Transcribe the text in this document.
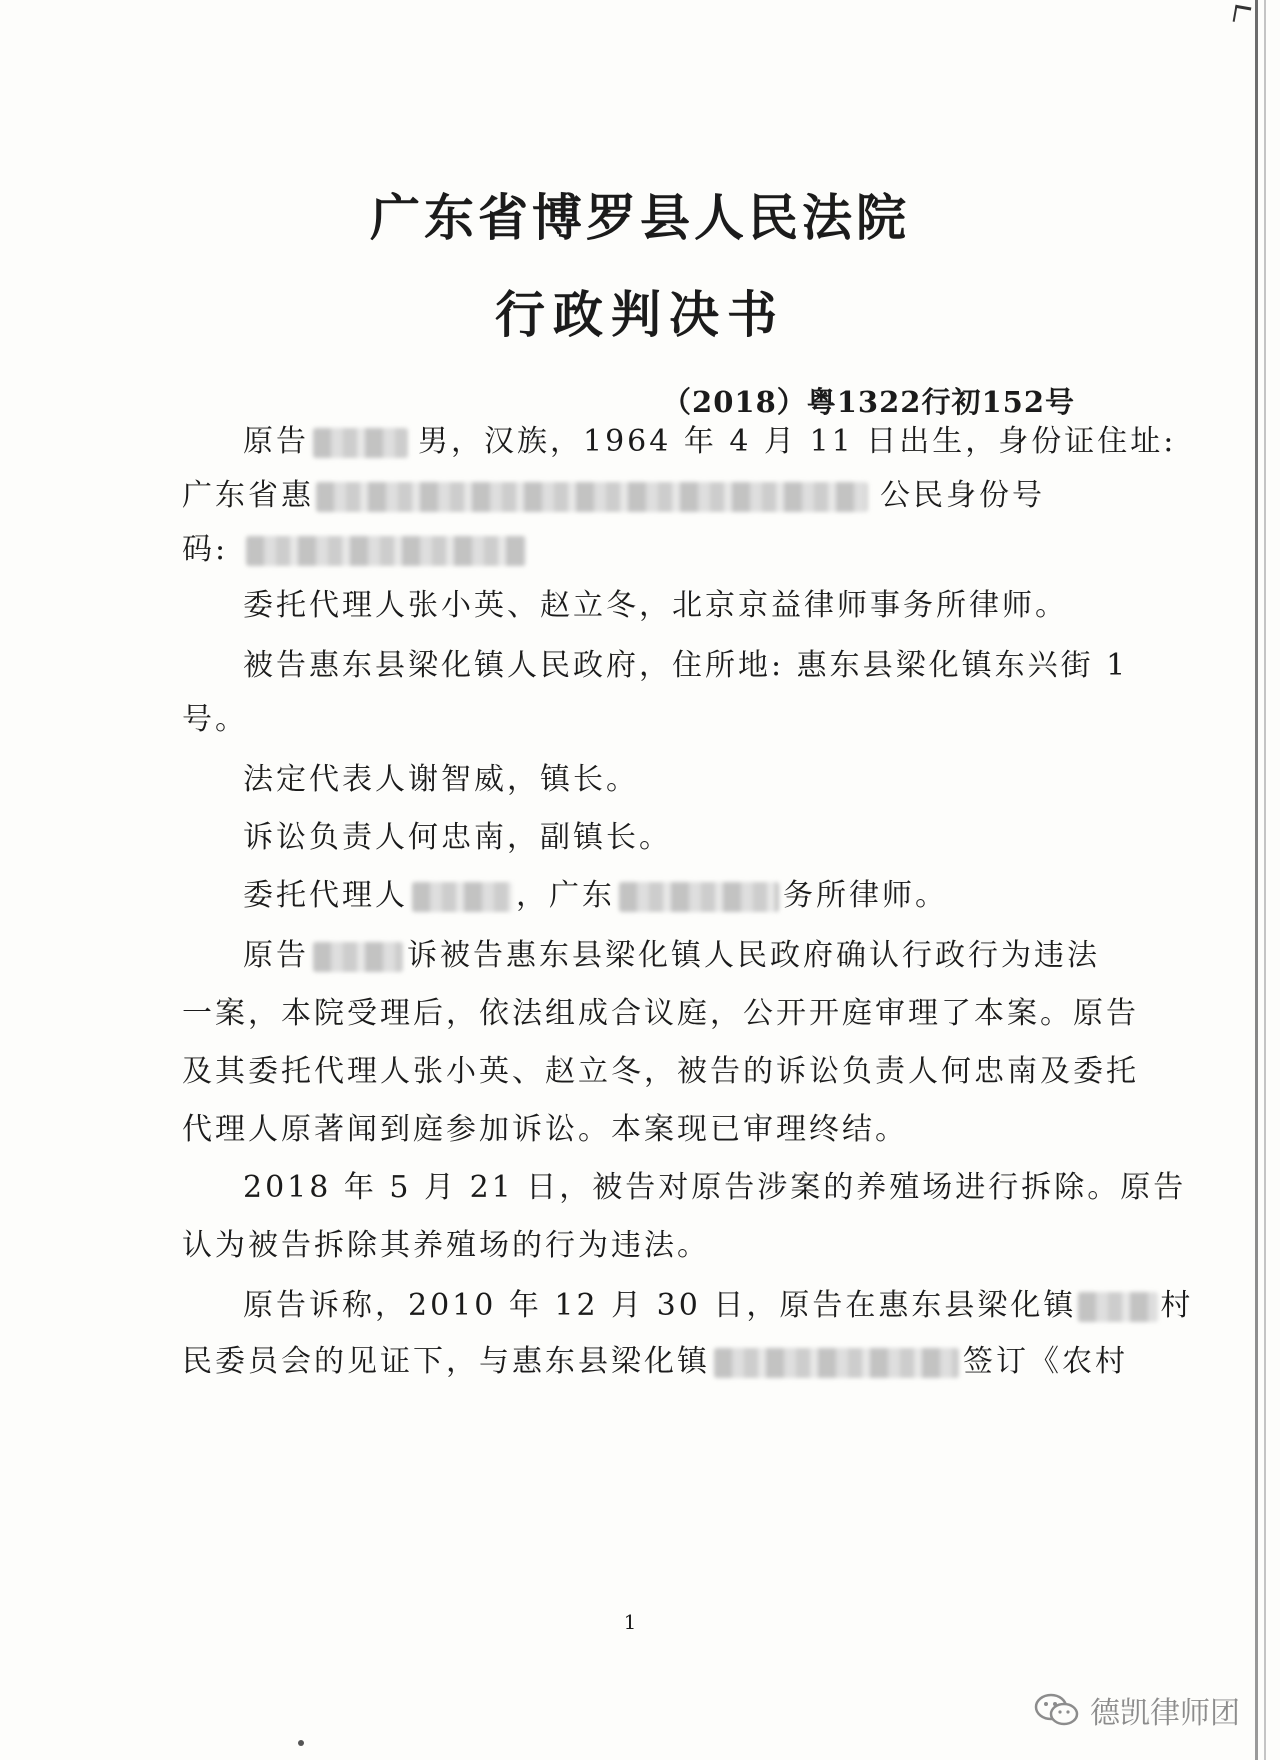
广东省博罗县人民法院
行政判决书
（2018）粤1322行初152号
原告	男，汉族，1964 年 4 月 11 日出生，身份证住址:
广东省惠	公民身份号
码:
委托代理人张小英、赵立冬，北京京益律师事务所律师。
被告惠东县梁化镇人民政府，住所地: 惠东县梁化镇东兴街 1
号。
法定代表人谢智威，镇长。
诉讼负责人何忠南，副镇长。
委托代理人	，广东	务所律师。
原告	诉被告惠东县梁化镇人民政府确认行政行为违法
一案，本院受理后，依法组成合议庭，公开开庭审理了本案。原告
及其委托代理人张小英、赵立冬，被告的诉讼负责人何忠南及委托
代理人原著闻到庭参加诉讼。本案现已审理终结。
2018 年 5 月 21 日，被告对原告涉案的养殖场进行拆除。原告
认为被告拆除其养殖场的行为违法。
原告诉称，2010 年 12 月 30 日，原告在惠东县梁化镇	村
民委员会的见证下，与惠东县梁化镇	签订《农村
1
德凯律师团
